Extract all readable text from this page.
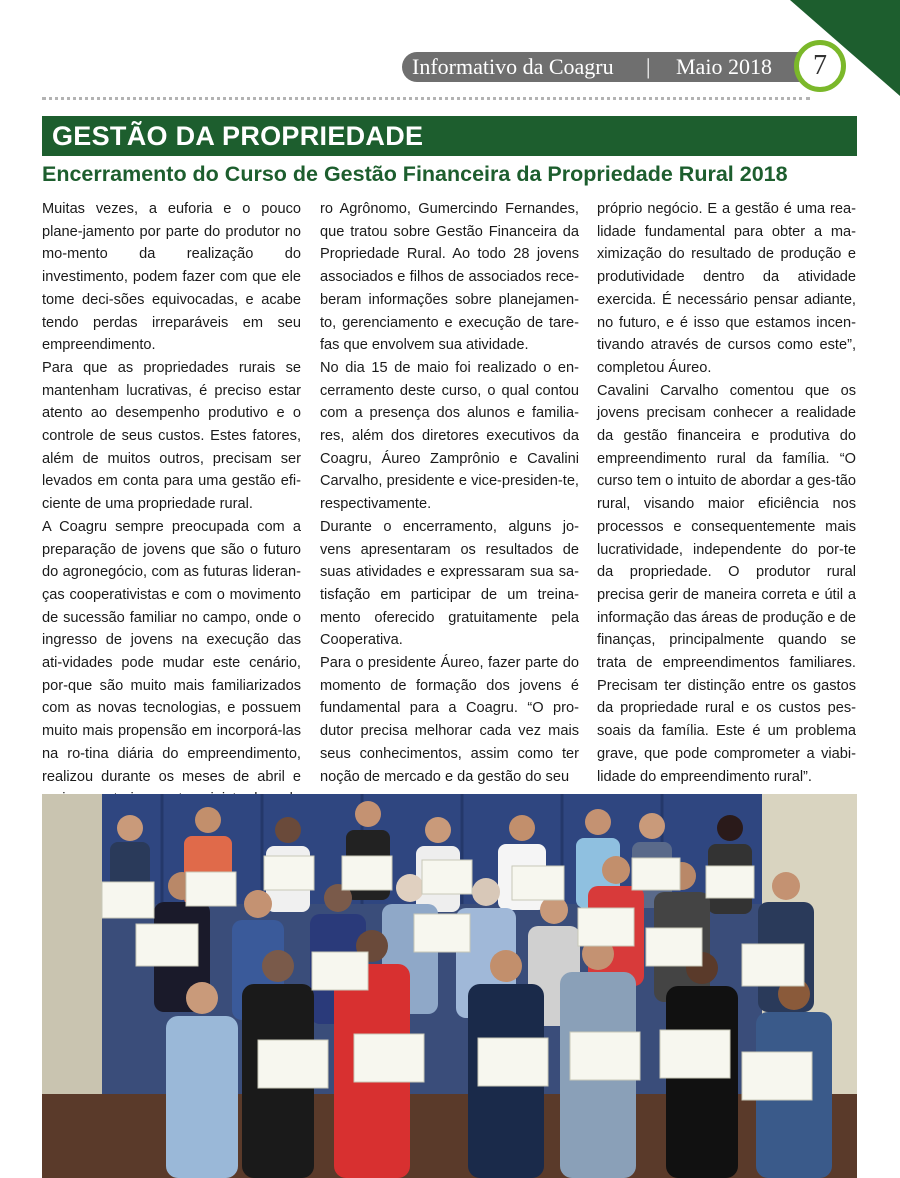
Informativo da Coagru | Maio 2018	7
GESTÃO DA PROPRIEDADE
Encerramento do Curso de Gestão Financeira da Propriedade Rural 2018

Muitas vezes, a euforia e o pouco plane-jamento por parte do produtor no mo-mento da realização do investimento, podem fazer com que ele tome deci-sões equivocadas, e acabe tendo perdas irreparáveis em seu empreendimento.

Para que as propriedades rurais se mantenham lucrativas, é preciso estar atento ao desempenho produtivo e o controle de seus custos. Estes fatores, além de muitos outros, precisam ser levados em conta para uma gestão efi-ciente de uma propriedade rural.

A Coagru sempre preocupada com a preparação de jovens que são o futuro do agronegócio, com as futuras lideran-ças cooperativistas e com o movimento de sucessão familiar no campo, onde o ingresso de jovens na execução das ati-vidades pode mudar este cenário, por-que são muito mais familiarizados com as novas tecnologias, e possuem muito mais propensão em incorporá-las na ro-tina diária do empreendimento, realizou durante os meses de abril e

ro Agrônomo, Gumercindo Fernandes, que tratou sobre Gestão Financeira da Propriedade Rural. Ao todo 28 jovens associados e filhos de associados rece-beram informações sobre planejamen-to, gerenciamento e execução de tare-fas que envolvem sua atividade.

No dia 15 de maio foi realizado o en-cerramento deste curso, o qual contou com a presença dos alunos e familia-res, além dos diretores executivos da Coagru, Áureo Zamprônio e Cavalini Carvalho, presidente e vice-presiden-te, respectivamente.

Durante o encerramento, alguns jo-vens apresentaram os resultados de suas atividades e expressaram sua sa-tisfação em participar de um treina-mento oferecido gratuitamente pela Cooperativa.

Para o presidente Áureo, fazer parte do momento de formação dos jovens é fundamental para a Coagru. “O pro-dutor precisa melhorar cada vez mais seus conhecimentos, assim como ter noção de mercado e da gestão do seu

próprio negócio. E a gestão é uma rea-lidade fundamental para obter a ma-ximização do resultado de produção e produtividade dentro da atividade exercida. É necessário pensar adiante, no futuro, e é isso que estamos incen-tivando através de cursos como este”, completou Áureo.

Cavalini Carvalho comentou que os jovens precisam conhecer a realidade da gestão financeira e produtiva do empreendimento rural da família. “O curso tem o intuito de abordar a ges-tão rural, visando maior eficiência nos processos e consequentemente mais lucratividade, independente do por-te da propriedade. O produtor rural precisa gerir de maneira correta e útil a informação das áreas de produção e de finanças, principalmente quando se trata de empreendimentos familiares. Precisam ter distinção entre os gastos da propriedade rural e os custos pes-soais da família. Este é um problema grave, que pode comprometer a viabi-lidade do empreendimento rural”.
